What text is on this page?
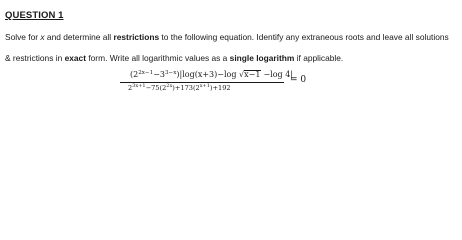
QUESTION 1
Solve for x and determine all restrictions to the following equation. Identify any extraneous roots and leave all solutions
& restrictions in exact form. Write all logarithmic values as a single logarithm if applicable.
$(2^{2x-1}-3^{3-x})|\log(x+3)-\log$ √x−1 −log 4|
$2^{3x+1}-75(2^{2x})+173(2^{x+1})+192$
= 0
